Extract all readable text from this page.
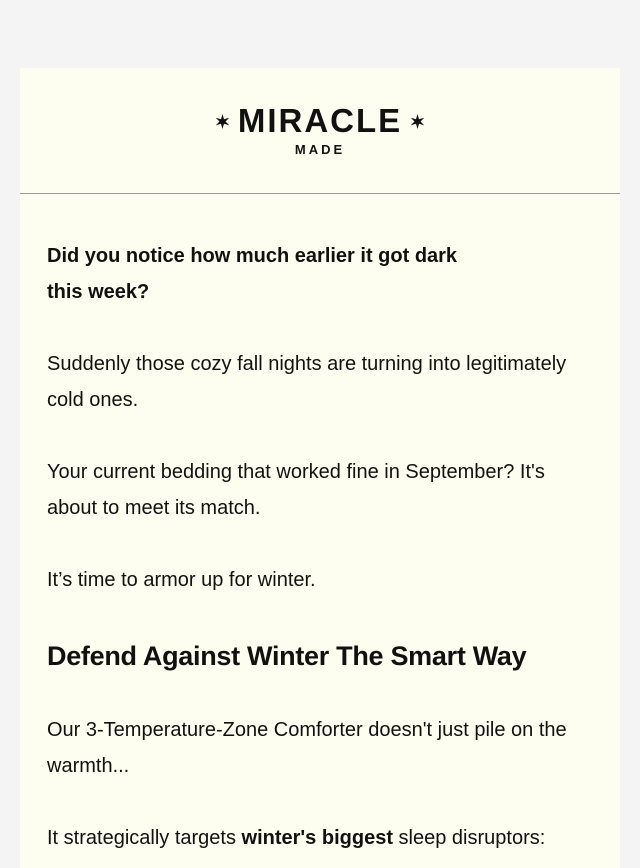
MIRACLE
MADE

Did you notice how much earlier it got dark this week?

Suddenly those cozy fall nights are turning into legitimately cold ones.

Your current bedding that worked fine in September? It's about to meet its match.

It’s time to armor up for winter.

Defend Against Winter The Smart Way

Our 3-Temperature-Zone Comforter doesn't just pile on the warmth...

It strategically targets winter's biggest sleep disruptors:
